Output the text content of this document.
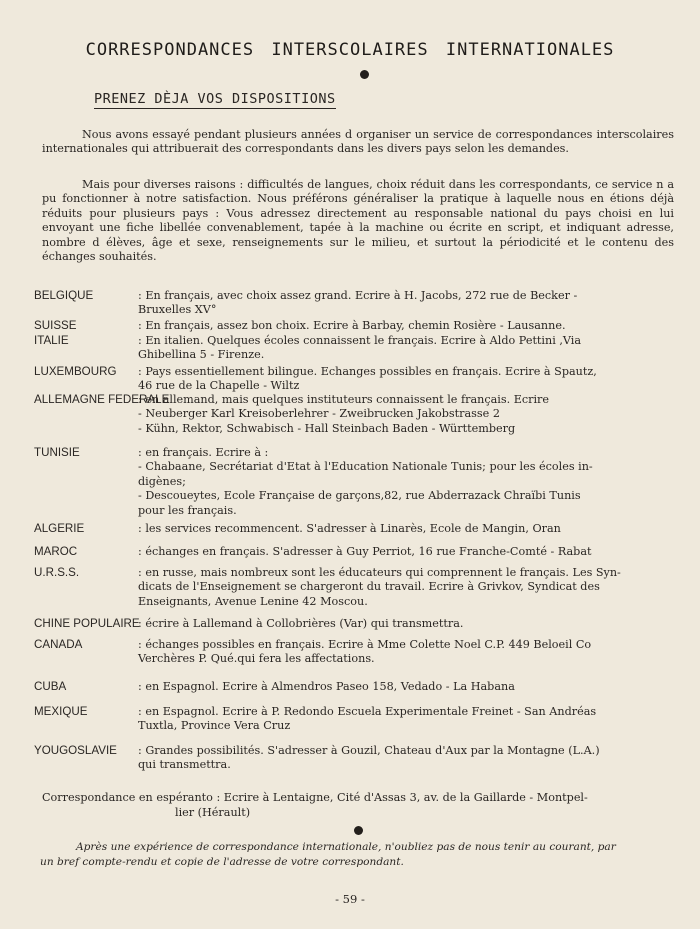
CORRESPONDANCES INTERSCOLAIRES INTERNATIONALES
PRENEZ DÈJA VOS DISPOSITIONS
Nous avons essayé pendant plusieurs années d organiser un service de correspondances interscolaires internationales qui attribuerait des correspondants dans les divers pays selon les demandes.
Mais pour diverses raisons : difficultés de langues, choix réduit dans les correspondants, ce service n a pu fonctionner à notre satisfaction. Nous préférons généraliser la pratique à laquelle nous en étions déjà réduits pour plusieurs pays : Vous adressez directement au responsable national du pays choisi en lui envoyant une fiche libellée convenablement, tapée à la machine ou écrite en script, et indiquant adresse, nombre d élèves, âge et sexe, renseignements sur le milieu, et surtout la périodicité et le contenu des échanges souhaités.
BELGIQUE	: En français, avec choix assez grand. Ecrire à H. Jacobs, 272 rue de Becker -
Bruxelles XV°
SUISSE	: En français, assez bon choix. Ecrire à Barbay, chemin Rosière - Lausanne.
ITALIE	: En italien. Quelques écoles connaissent le français. Ecrire à Aldo Pettini ,Via
Ghibellina 5 - Firenze.
LUXEMBOURG : Pays essentiellement bilingue. Echanges possibles en français. Ecrire à Spautz,
46 rue de la Chapelle - Wiltz
ALLEMAGNE FEDERALE
: en allemand, mais quelques instituteurs connaissent le français. Ecrire
- Neuberger Karl Kreisoberlehrer - Zweibrucken Jakobstrasse 2
- Kühn, Rektor, Schwabisch - Hall Steinbach Baden - Württemberg
TUNISIE	: en français. Ecrire à :
- Chabaane, Secrétariat d'Etat à l'Education Nationale Tunis; pour les écoles in-
digènes;
- Descoueytes, Ecole Française de garçons,82, rue Abderrazack Chraïbi Tunis
pour les français.
ALGERIE	: les services recommencent. S'adresser à Linarès, Ecole de Mangin, Oran
MAROC	: échanges en français. S'adresser à Guy Perriot, 16 rue Franche-Comté - Rabat
U.R.S.S.	: en russe, mais nombreux sont les éducateurs qui comprennent le français. Les Syn-
dicats de l'Enseignement se chargeront du travail. Ecrire à Grivkov, Syndicat des
Enseignants, Avenue Lenine 42 Moscou.
CHINE POPULAIRE
: écrire à Lallemand à Collobrières (Var) qui transmettra.
CANADA	: échanges possibles en français. Ecrire à Mme Colette Noel C.P. 449 Beloeil Co
Verchères P. Qué.qui fera les affectations.
CUBA	: en Espagnol. Ecrire à Almendros Paseo 158, Vedado - La Habana
MEXIQUE	: en Espagnol. Ecrire à P. Redondo Escuela Experimentale Freinet - San Andréas
Tuxtla, Province Vera Cruz
YOUGOSLAVIE : Grandes possibilités. S'adresser à Gouzil, Chateau d'Aux par la Montagne (L.A.)
qui transmettra.
Correspondance en espéranto : Ecrire à Lentaigne, Cité d'Assas 3, av. de la Gaillarde - Montpel-
lier (Hérault)
Après une expérience de correspondance internationale, n'oubliez pas de nous tenir au courant, par
un bref compte-rendu et copie de l'adresse de votre correspondant.
- 59 -
